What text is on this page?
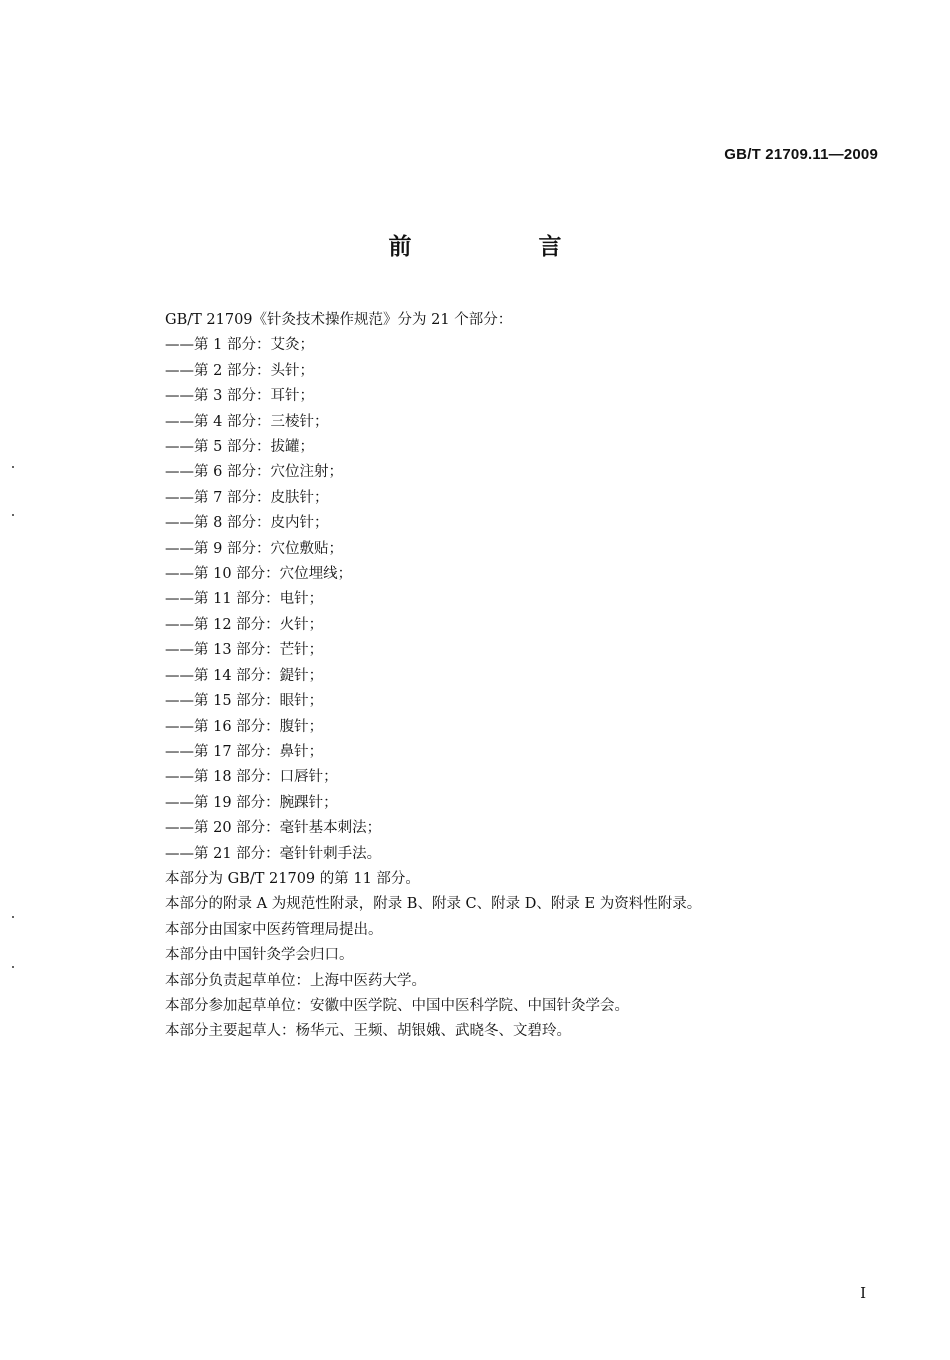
GB/T 21709.11—2009
前　言
GB/T 21709《针灸技术操作规范》分为 21 个部分：
——第 1 部分：艾灸；
——第 2 部分：头针；
——第 3 部分：耳针；
——第 4 部分：三棱针；
——第 5 部分：拔罐；
——第 6 部分：穴位注射；
——第 7 部分：皮肤针；
——第 8 部分：皮内针；
——第 9 部分：穴位敷贴；
——第 10 部分：穴位埋线；
——第 11 部分：电针；
——第 12 部分：火针；
——第 13 部分：芒针；
——第 14 部分：鍉针；
——第 15 部分：眼针；
——第 16 部分：腹针；
——第 17 部分：鼻针；
——第 18 部分：口唇针；
——第 19 部分：腕踝针；
——第 20 部分：毫针基本刺法；
——第 21 部分：毫针针刺手法。
本部分为 GB/T 21709 的第 11 部分。
本部分的附录 A 为规范性附录，附录 B、附录 C、附录 D、附录 E 为资料性附录。
本部分由国家中医药管理局提出。
本部分由中国针灸学会归口。
本部分负责起草单位：上海中医药大学。
本部分参加起草单位：安徽中医学院、中国中医科学院、中国针灸学会。
本部分主要起草人：杨华元、王频、胡银娥、武晓冬、文碧玲。
I
